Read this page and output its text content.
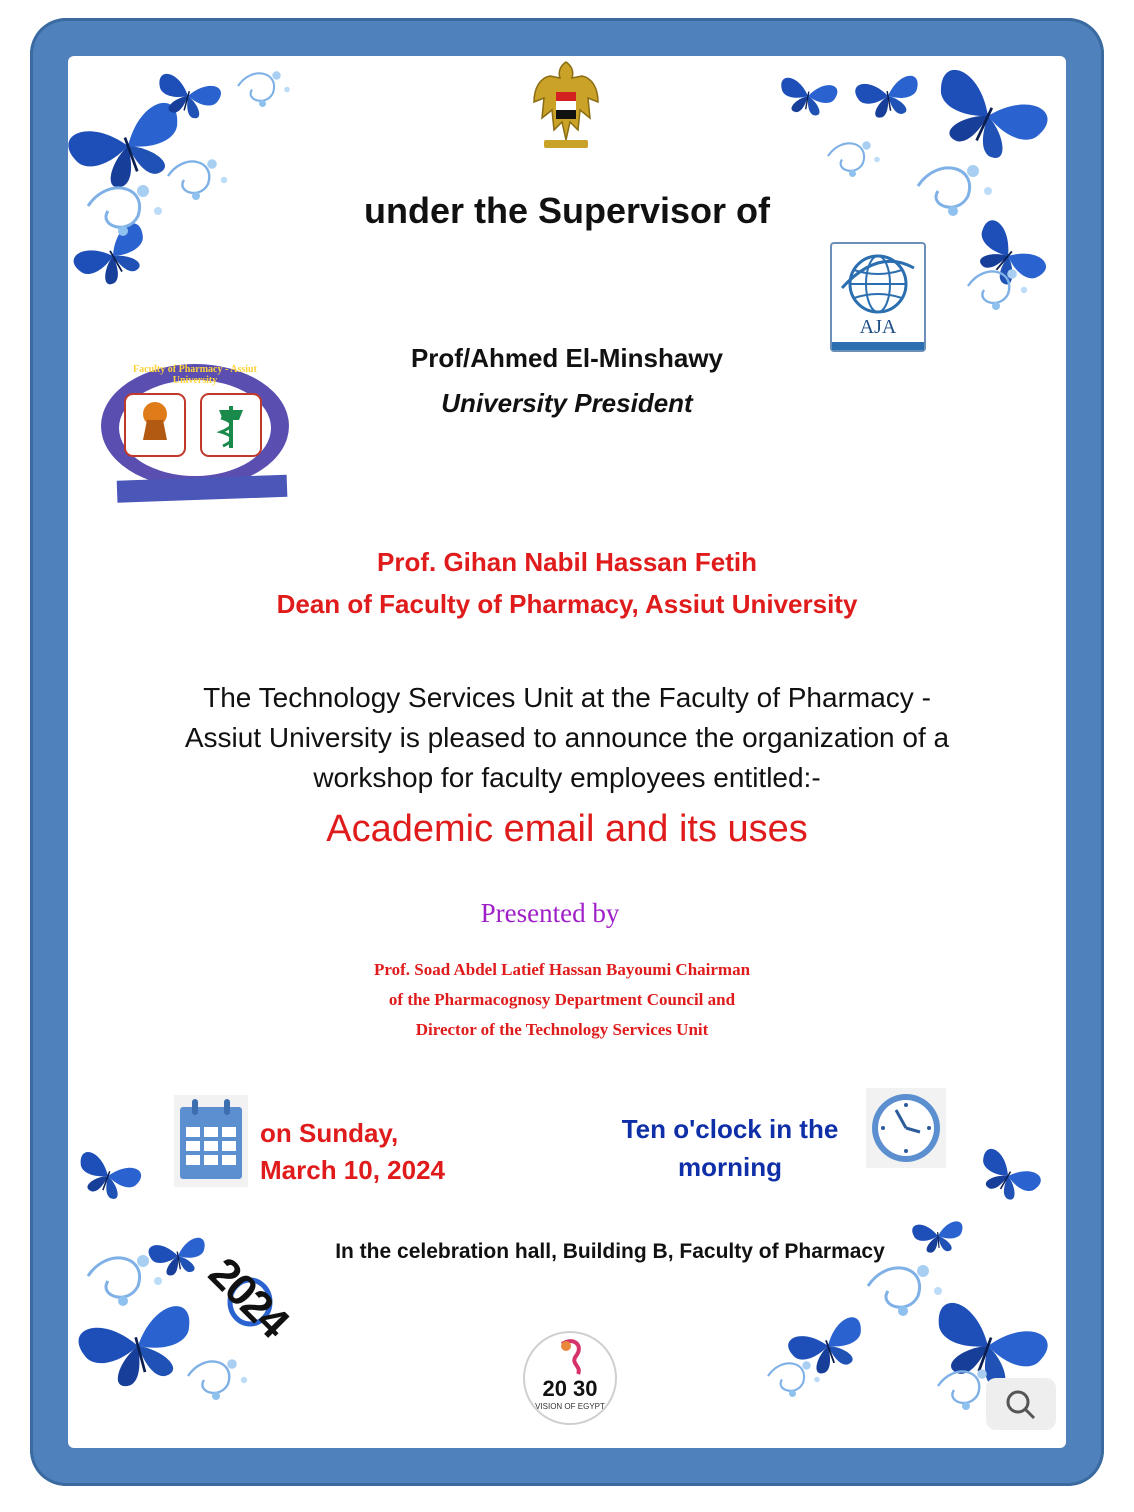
AJA
Faculty of Pharmacy - Assiut University
under the Supervisor of
Prof/Ahmed El-Minshawy
University President
Prof. Gihan Nabil Hassan Fetih
Dean of Faculty of Pharmacy, Assiut University
The Technology Services Unit at the Faculty of Pharmacy -
Assiut University is pleased to announce the organization of a
workshop for faculty employees entitled:-
Academic email and its uses
Presented by
Prof. Soad Abdel Latief Hassan Bayoumi Chairman
of the Pharmacognosy Department Council and
Director of the Technology Services Unit
on Sunday,
March 10, 2024
Ten o'clock in the
morning
In the celebration hall, Building B, Faculty of Pharmacy
2024
20 30
VISION OF EGYPT
